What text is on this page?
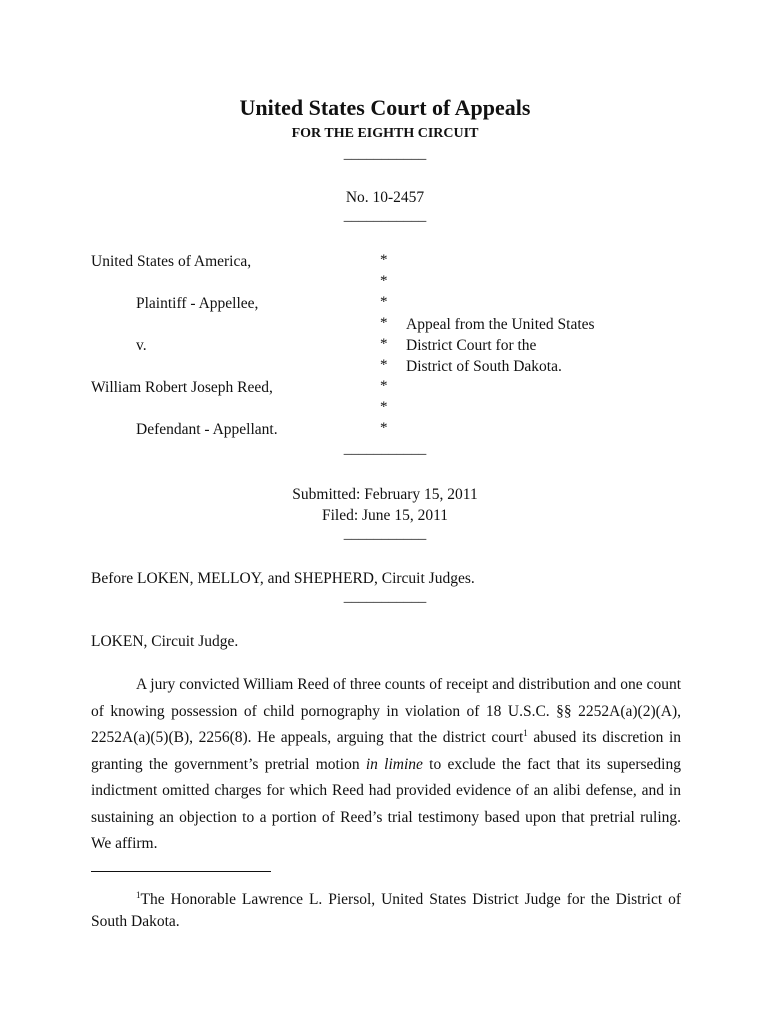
United States Court of Appeals
FOR THE EIGHTH CIRCUIT
___________
No. 10-2457
___________
United States of America,
Plaintiff - Appellee,
v.
William Robert Joseph Reed,
Defendant - Appellant.
*
*
*
*
*
*
*
*
*
Appeal from the United States
District Court for the
District of South Dakota.
___________
Submitted: February 15, 2011
Filed: June 15, 2011
___________
Before LOKEN, MELLOY, and SHEPHERD, Circuit Judges.
___________
LOKEN, Circuit Judge.

A jury convicted William Reed of three counts of receipt and distribution and one count of knowing possession of child pornography in violation of 18 U.S.C. §§ 2252A(a)(2)(A), 2252A(a)(5)(B), 2256(8). He appeals, arguing that the district court$^1$ abused its discretion in granting the government’s pretrial motion in limine to exclude the fact that its superseding indictment omitted charges for which Reed had provided evidence of an alibi defense, and in sustaining an objection to a portion of Reed’s trial testimony based upon that pretrial ruling. We affirm.

$^1$The Honorable Lawrence L. Piersol, United States District Judge for the District of South Dakota.
